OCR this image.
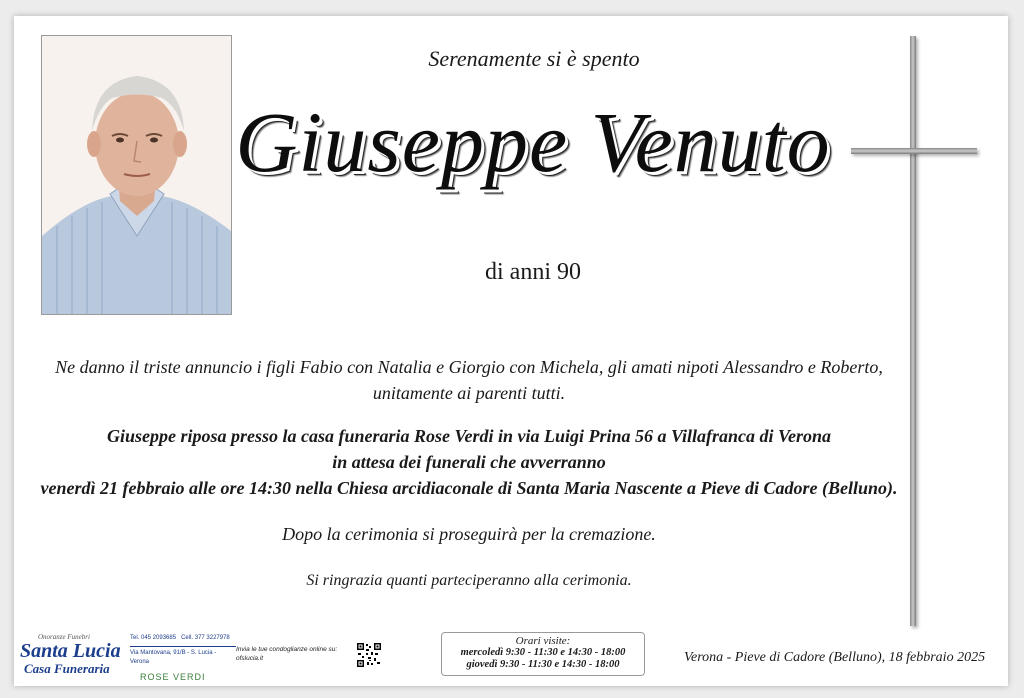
Serenamente si è spento
Giuseppe Venuto
di anni 90
Ne danno il triste annuncio i figli Fabio con Natalia e Giorgio con Michela, gli amati nipoti Alessandro e Roberto,
unitamente ai parenti tutti.
Giuseppe riposa presso la casa funeraria Rose Verdi in via Luigi Prina 56 a Villafranca di Verona
in attesa dei funerali che avverranno
venerdì 21 febbraio alle ore 14:30 nella Chiesa arcidiaconale di Santa Maria Nascente a Pieve di Cadore (Belluno).
Dopo la cerimonia si proseguirà per la cremazione.
Si ringrazia quanti parteciperanno alla cerimonia.
Onoranze Funebri
Santa Lucia
Casa Funeraria
Tel. 045 2093685 Cell. 377 3227978
Via Mantovana, 91/B - S. Lucia - Verona
ROSE VERDI
Invia le tue condoglianze online su: ofslucia.it
Orari visite:
mercoledì 9:30 - 11:30 e 14:30 - 18:00
giovedì 9:30 - 11:30 e 14:30 - 18:00	Verona - Pieve di Cadore (Belluno), 18 febbraio 2025
